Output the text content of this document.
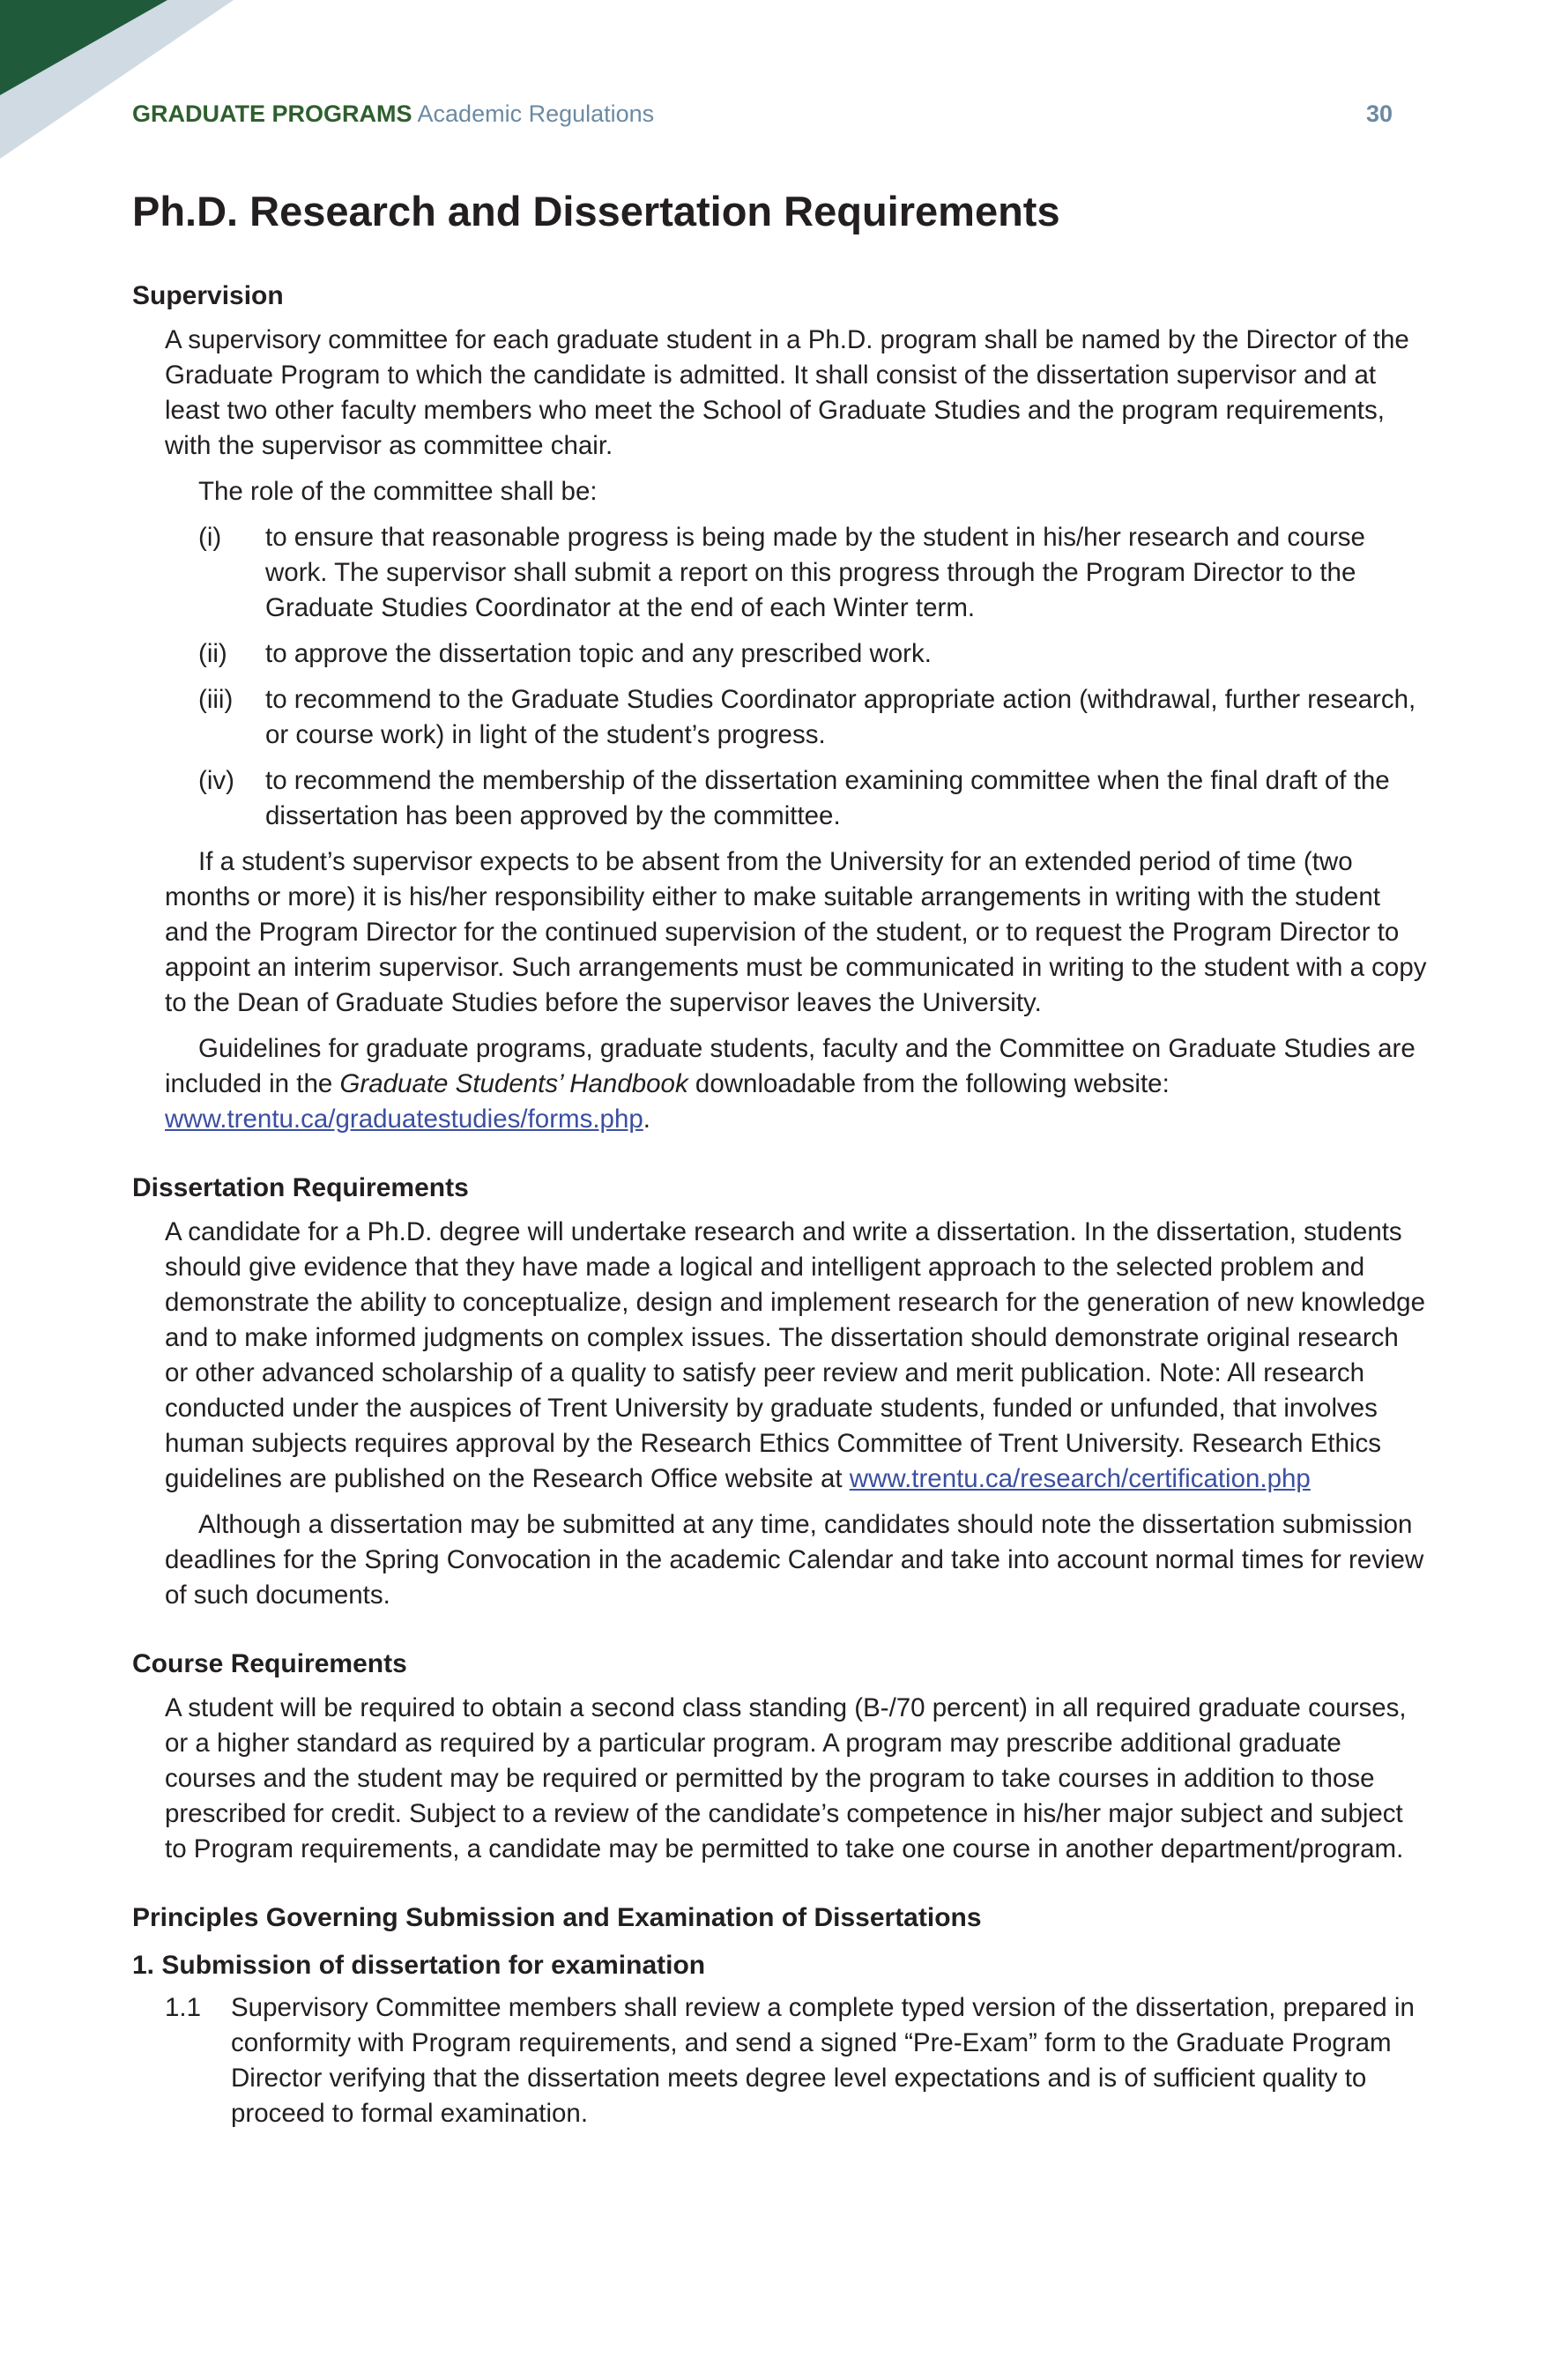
GRADUATE PROGRAMS Academic Regulations	30
Ph.D. Research and Dissertation Requirements
Supervision

A supervisory committee for each graduate student in a Ph.D. program shall be named by the Director of the Graduate Program to which the candidate is admitted. It shall consist of the dissertation supervisor and at least two other faculty members who meet the School of Graduate Studies and the program requirements, with the supervisor as committee chair.

The role of the committee shall be:

(i) to ensure that reasonable progress is being made by the student in his/her research and course work. The supervisor shall submit a report on this progress through the Program Director to the Graduate Studies Coordinator at the end of each Winter term.
(ii) to approve the dissertation topic and any prescribed work.
(iii) to recommend to the Graduate Studies Coordinator appropriate action (withdrawal, further research, or course work) in light of the student’s progress.
(iv) to recommend the membership of the dissertation examining committee when the final draft of the dissertation has been approved by the committee.

If a student’s supervisor expects to be absent from the University for an extended period of time (two months or more) it is his/her responsibility either to make suitable arrangements in writing with the student and the Program Director for the continued supervision of the student, or to request the Program Director to appoint an interim supervisor. Such arrangements must be communicated in writing to the student with a copy to the Dean of Graduate Studies before the supervisor leaves the University.

Guidelines for graduate programs, graduate students, faculty and the Committee on Graduate Studies are included in the Graduate Students’ Handbook downloadable from the following website: www.trentu.ca/graduatestudies/forms.php.

Dissertation Requirements

A candidate for a Ph.D. degree will undertake research and write a dissertation. In the dissertation, students should give evidence that they have made a logical and intelligent approach to the selected problem and demonstrate the ability to conceptualize, design and implement research for the generation of new knowledge and to make informed judgments on complex issues. The dissertation should demonstrate original research or other advanced scholarship of a quality to satisfy peer review and merit publication. Note: All research conducted under the auspices of Trent University by graduate students, funded or unfunded, that involves human subjects requires approval by the Research Ethics Committee of Trent University. Research Ethics guidelines are published on the Research Office website at www.trentu.ca/research/certification.php

Although a dissertation may be submitted at any time, candidates should note the dissertation submission deadlines for the Spring Convocation in the academic Calendar and take into account normal times for review of such documents.

Course Requirements

A student will be required to obtain a second class standing (B-/70 percent) in all required graduate courses, or a higher standard as required by a particular program. A program may prescribe additional graduate courses and the student may be required or permitted by the program to take courses in addition to those prescribed for credit. Subject to a review of the candidate’s competence in his/her major subject and subject to Program requirements, a candidate may be permitted to take one course in another department/program.

Principles Governing Submission and Examination of Dissertations
1. Submission of dissertation for examination
1.1 Supervisory Committee members shall review a complete typed version of the dissertation, prepared in conformity with Program requirements, and send a signed “Pre-Exam” form to the Graduate Program Director verifying that the dissertation meets degree level expectations and is of sufficient quality to proceed to formal examination.
